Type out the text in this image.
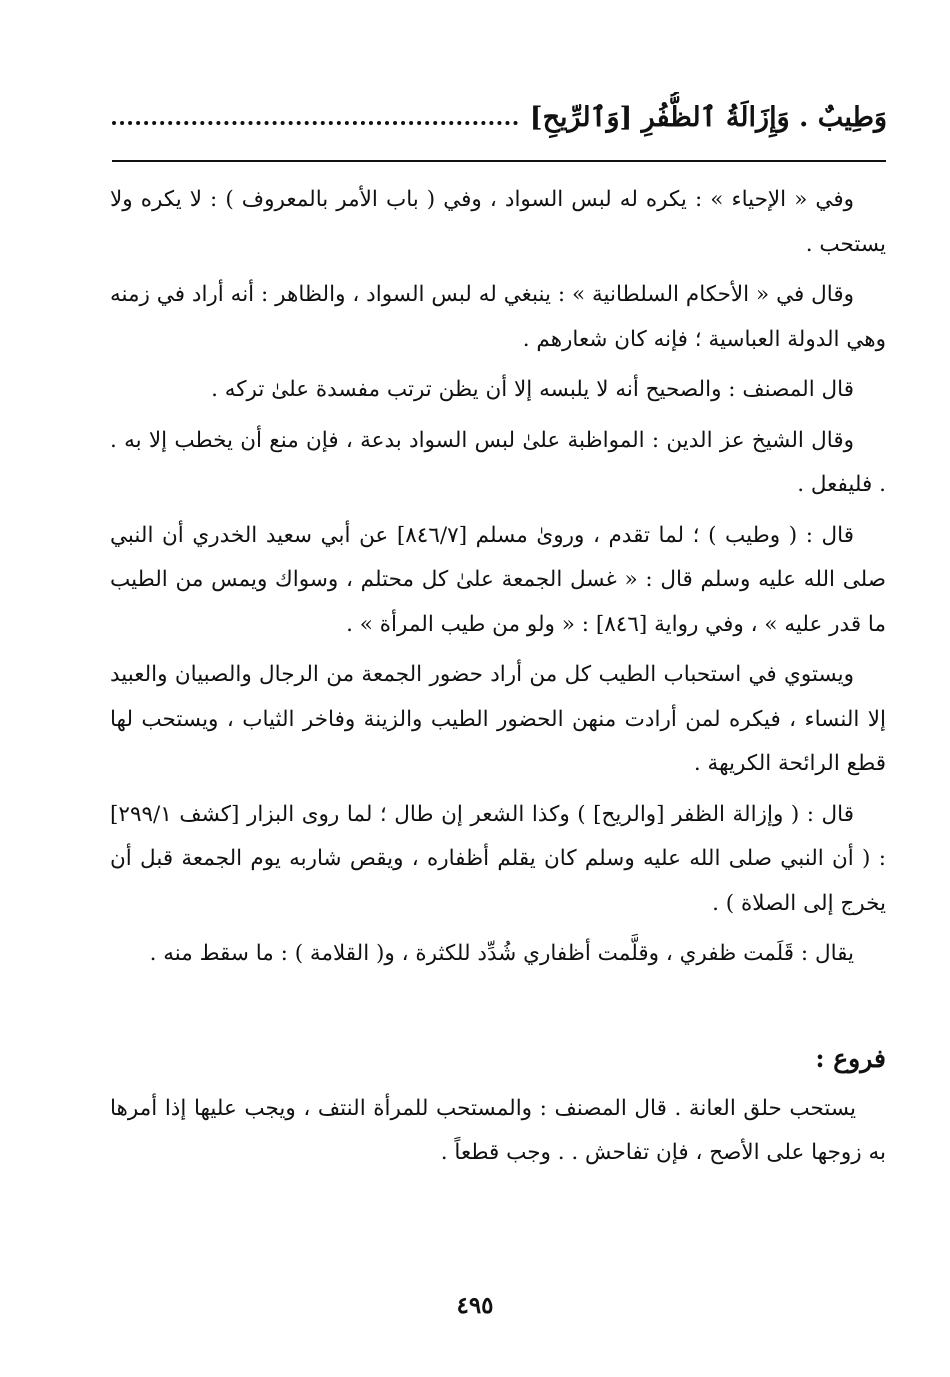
وَطِيبٌ . وَإِزَالَةُ ٱلظُّفُرِ [وَٱلرِّيحِ]

وفي « الإحياء » : يكره له لبس السواد ، وفي ( باب الأمر بالمعروف ) : لا يكره ولا يستحب .

وقال في « الأحكام السلطانية » : ينبغي له لبس السواد ، والظاهر : أنه أراد في زمنه وهي الدولة العباسية ؛ فإنه كان شعارهم .

قال المصنف : والصحيح أنه لا يلبسه إلا أن يظن ترتب مفسدة علىٰ تركه .

وقال الشيخ عز الدين : المواظبة علىٰ لبس السواد بدعة ، فإن منع أن يخطب إلا به . . فليفعل .

قال : ( وطيب ) ؛ لما تقدم ، وروىٰ مسلم [٨٤٦/٧] عن أبي سعيد الخدري أن النبي صلى الله عليه وسلم قال : « غسل الجمعة علىٰ كل محتلم ، وسواك ويمس من الطيب ما قدر عليه » ، وفي رواية [٨٤٦] : « ولو من طيب المرأة » .

ويستوي في استحباب الطيب كل من أراد حضور الجمعة من الرجال والصبيان والعبيد إلا النساء ، فيكره لمن أرادت منهن الحضور الطيب والزينة وفاخر الثياب ، ويستحب لها قطع الرائحة الكريهة .

قال : ( وإزالة الظفر [والريح] ) وكذا الشعر إن طال ؛ لما روى البزار [كشف ٢٩٩/١] : ( أن النبي صلى الله عليه وسلم كان يقلم أظفاره ، ويقص شاربه يوم الجمعة قبل أن يخرج إلى الصلاة ) .

يقال : قَلَمت ظفري ، وقلَّمت أظفاري شُدِّد للكثرة ، و( القلامة ) : ما سقط منه .

فروع :

يستحب حلق العانة . قال المصنف : والمستحب للمرأة النتف ، ويجب عليها إذا أمرها به زوجها على الأصح ، فإن تفاحش . . وجب قطعاً .

٤٩٥
